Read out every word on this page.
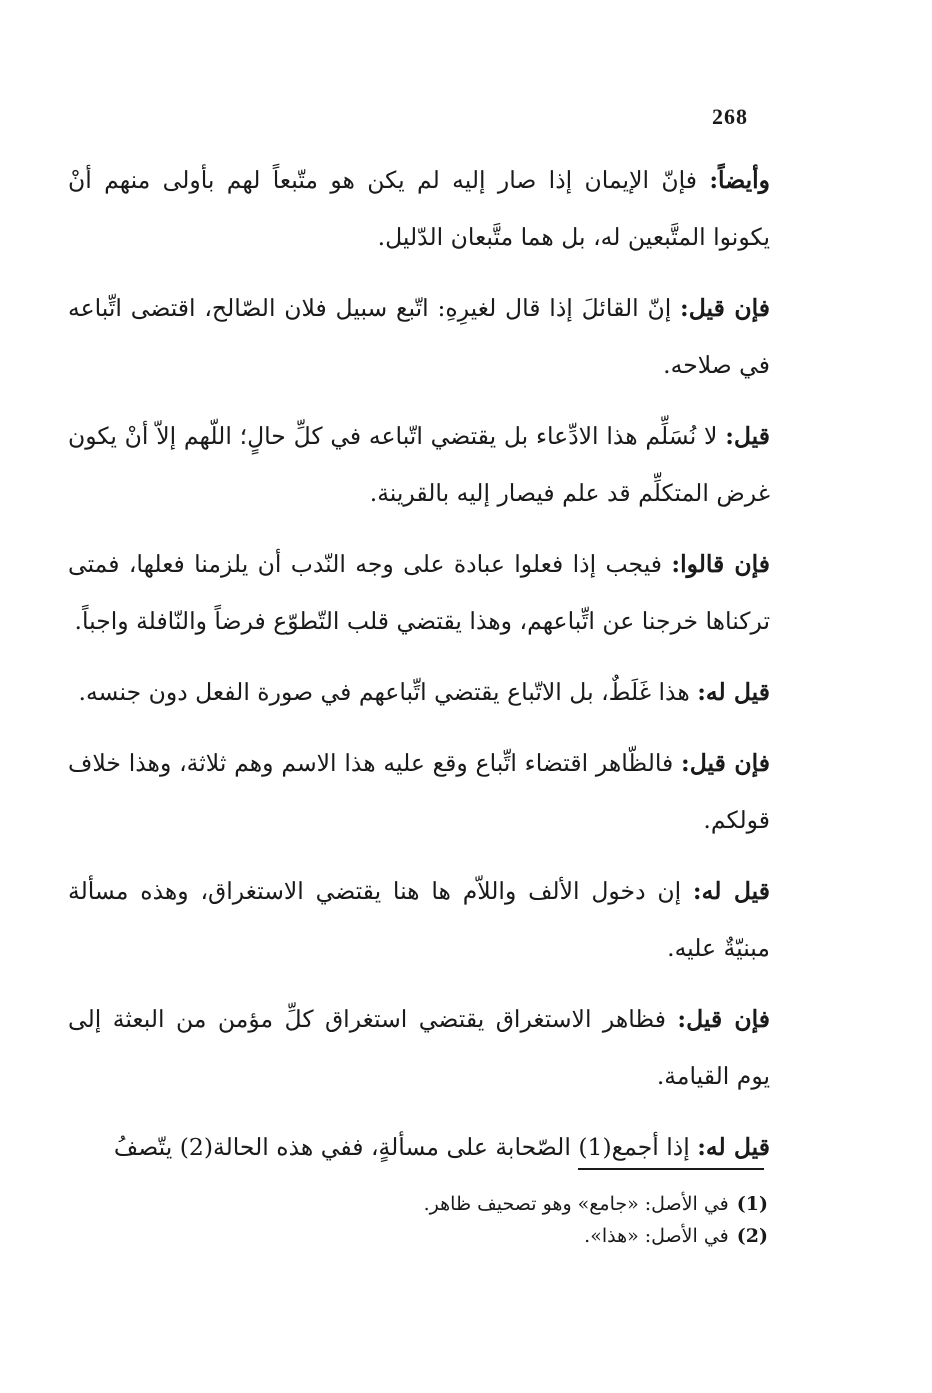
268

وأيضاً: فإنّ الإيمان إذا صار إليه لم يكن هو متّبعاً لهم بأولى منهم أنْ يكونوا المتَّبعين له، بل هما متَّبعان الدّليل.

فإن قيل: إنّ القائلَ إذا قال لغيرِهِ: اتّبع سبيل فلان الصّالح، اقتضى اتِّباعه في صلاحه.

قيل: لا نُسَلِّم هذا الادِّعاء بل يقتضي اتّباعه في كلِّ حالٍ؛ اللّهم إلاّ أنْ يكون غرض المتكلِّم قد علم فيصار إليه بالقرينة.

فإن قالوا: فيجب إذا فعلوا عبادة على وجه النّدب أن يلزمنا فعلها، فمتى تركناها خرجنا عن اتِّباعهم، وهذا يقتضي قلب التّطوّع فرضاً والنّافلة واجباً.

قيل له: هذا غَلَطٌ، بل الاتّباع يقتضي اتِّباعهم في صورة الفعل دون جنسه.

فإن قيل: فالظّاهر اقتضاء اتِّباع وقع عليه هذا الاسم وهم ثلاثة، وهذا خلاف قولكم.

قيل له: إن دخول الألف واللاّم ها هنا يقتضي الاستغراق، وهذه مسألة مبنيّةٌ عليه.

فإن قيل: فظاهر الاستغراق يقتضي استغراق كلِّ مؤمن من البعثة إلى يوم القيامة.

قيل له: إذا أجمع(1) الصّحابة على مسألةٍ، ففي هذه الحالة(2) يتّصفُ

(1)في الأصل: «جامع» وهو تصحيف ظاهر.

(2)في الأصل: «هذا».
